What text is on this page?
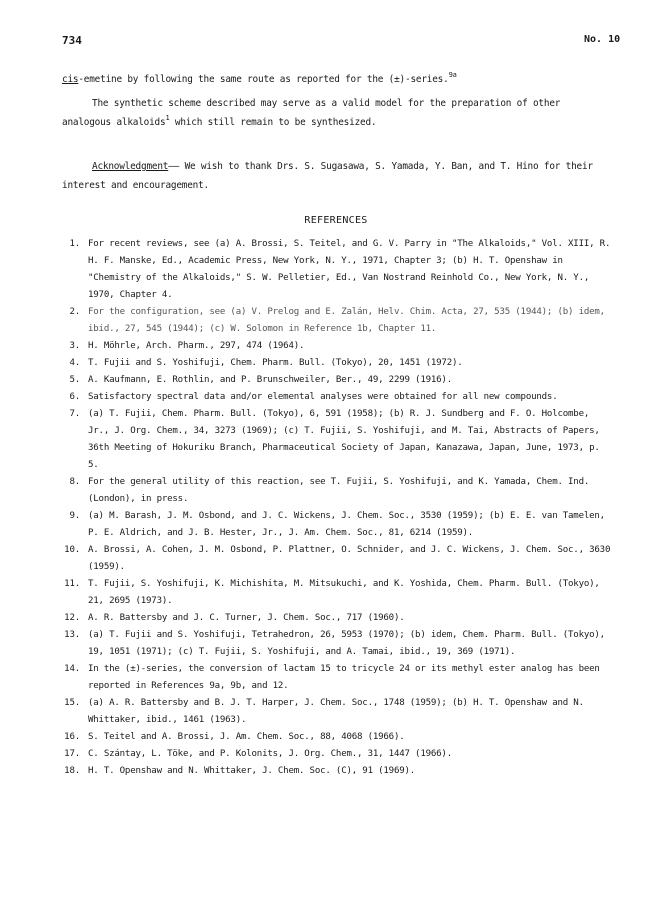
734	No. 10
cis-emetine by following the same route as reported for the (±)-series.$^{9a}$
The synthetic scheme described may serve as a valid model for the preparation of other analogous alkaloids$^1$ which still remain to be synthesized.
Acknowledgment—— We wish to thank Drs. S. Sugasawa, S. Yamada, Y. Ban, and T. Hino for their interest and encouragement.
REFERENCES
1. For recent reviews, see (a) A. Brossi, S. Teitel, and G. V. Parry in "The Alkaloids," Vol. XIII, R. H. F. Manske, Ed., Academic Press, New York, N. Y., 1971, Chapter 3; (b) H. T. Openshaw in "Chemistry of the Alkaloids," S. W. Pelletier, Ed., Van Nostrand Reinhold Co., New York, N. Y., 1970, Chapter 4.
2. For the configuration, see (a) V. Prelog and E. Zalán, Helv. Chim. Acta, 27, 535 (1944); (b) idem, ibid., 27, 545 (1944); (c) W. Solomon in Reference 1b, Chapter 11.
3. H. Möhrle, Arch. Pharm., 297, 474 (1964).
4. T. Fujii and S. Yoshifuji, Chem. Pharm. Bull. (Tokyo), 20, 1451 (1972).
5. A. Kaufmann, E. Rothlin, and P. Brunschweiler, Ber., 49, 2299 (1916).
6. Satisfactory spectral data and/or elemental analyses were obtained for all new compounds.
7. (a) T. Fujii, Chem. Pharm. Bull. (Tokyo), 6, 591 (1958); (b) R. J. Sundberg and F. O. Holcombe, Jr., J. Org. Chem., 34, 3273 (1969); (c) T. Fujii, S. Yoshifuji, and M. Tai, Abstracts of Papers, 36th Meeting of Hokuriku Branch, Pharmaceutical Society of Japan, Kanazawa, Japan, June, 1973, p. 5.
8. For the general utility of this reaction, see T. Fujii, S. Yoshifuji, and K. Yamada, Chem. Ind. (London), in press.
9. (a) M. Barash, J. M. Osbond, and J. C. Wickens, J. Chem. Soc., 3530 (1959); (b) E. E. van Tamelen, P. E. Aldrich, and J. B. Hester, Jr., J. Am. Chem. Soc., 81, 6214 (1959).
10. A. Brossi, A. Cohen, J. M. Osbond, P. Plattner, O. Schnider, and J. C. Wickens, J. Chem. Soc., 3630 (1959).
11. T. Fujii, S. Yoshifuji, K. Michishita, M. Mitsukuchi, and K. Yoshida, Chem. Pharm. Bull. (Tokyo), 21, 2695 (1973).
12. A. R. Battersby and J. C. Turner, J. Chem. Soc., 717 (1960).
13. (a) T. Fujii and S. Yoshifuji, Tetrahedron, 26, 5953 (1970); (b) idem, Chem. Pharm. Bull. (Tokyo), 19, 1051 (1971); (c) T. Fujii, S. Yoshifuji, and A. Tamai, ibid., 19, 369 (1971).
14. In the (±)-series, the conversion of lactam 15 to tricycle 24 or its methyl ester analog has been reported in References 9a, 9b, and 12.
15. (a) A. R. Battersby and B. J. T. Harper, J. Chem. Soc., 1748 (1959); (b) H. T. Openshaw and N. Whittaker, ibid., 1461 (1963).
16. S. Teitel and A. Brossi, J. Am. Chem. Soc., 88, 4068 (1966).
17. C. Szántay, L. Töke, and P. Kolonits, J. Org. Chem., 31, 1447 (1966).
18. H. T. Openshaw and N. Whittaker, J. Chem. Soc. (C), 91 (1969).
